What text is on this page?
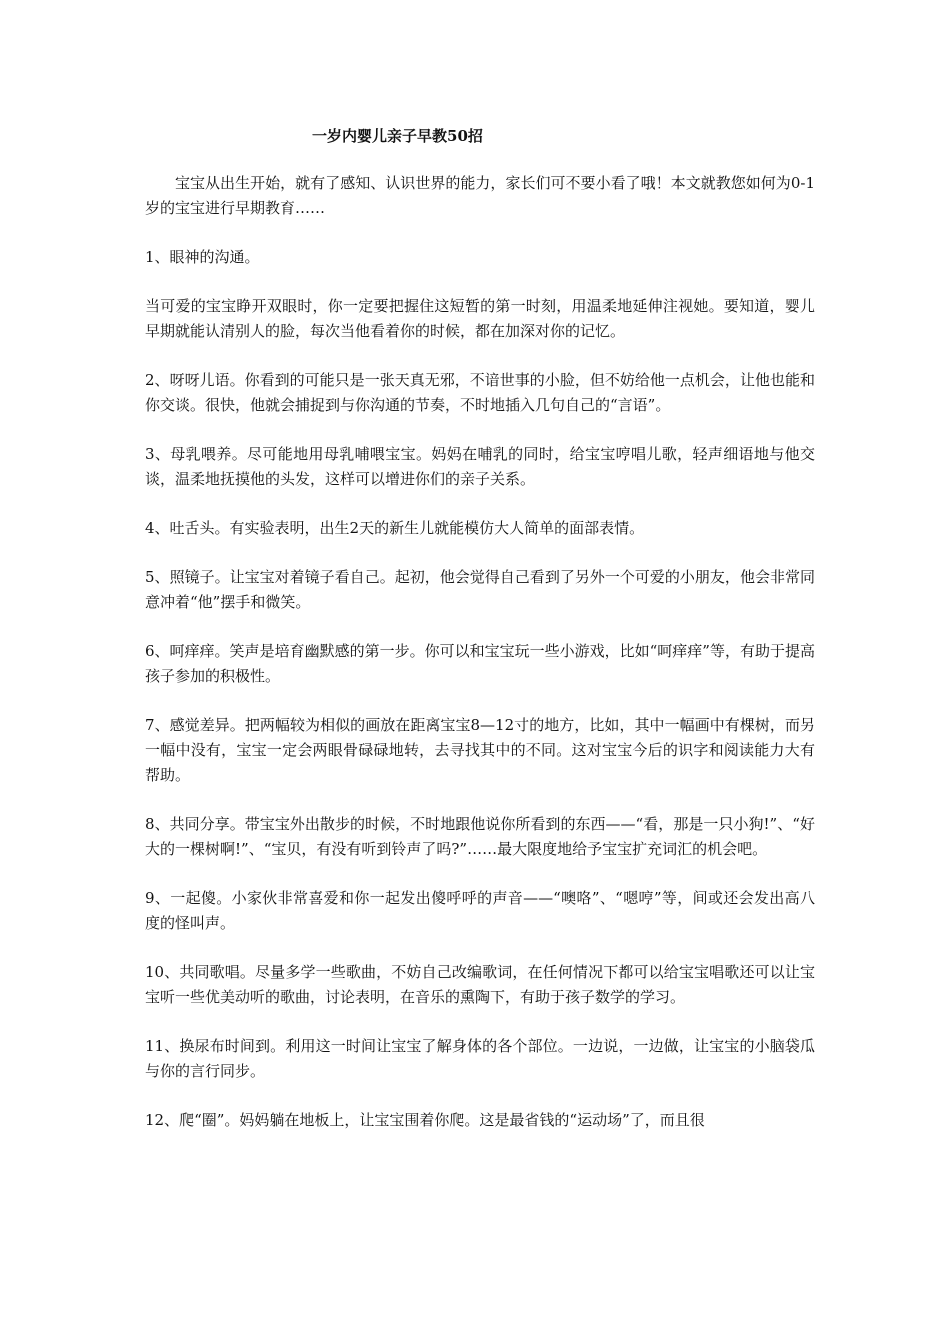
一岁内婴儿亲子早教50招

宝宝从出生开始，就有了感知、认识世界的能力，家长们可不要小看了哦！本文就教您如何为0-1岁的宝宝进行早期教育……

1、眼神的沟通。

当可爱的宝宝睁开双眼时，你一定要把握住这短暂的第一时刻，用温柔地延伸注视她。要知道，婴儿早期就能认清别人的脸，每次当他看着你的时候，都在加深对你的记忆。

2、呀呀儿语。你看到的可能只是一张天真无邪，不谙世事的小脸，但不妨给他一点机会，让他也能和你交谈。很快，他就会捕捉到与你沟通的节奏，不时地插入几句自己的“言语”。

3、母乳喂养。尽可能地用母乳哺喂宝宝。妈妈在哺乳的同时，给宝宝哼唱儿歌，轻声细语地与他交谈，温柔地抚摸他的头发，这样可以增进你们的亲子关系。

4、吐舌头。有实验表明，出生2天的新生儿就能模仿大人简单的面部表情。

5、照镜子。让宝宝对着镜子看自己。起初，他会觉得自己看到了另外一个可爱的小朋友，他会非常同意冲着“他”摆手和微笑。

6、呵痒痒。笑声是培育幽默感的第一步。你可以和宝宝玩一些小游戏，比如“呵痒痒”等，有助于提高孩子参加的积极性。

7、感觉差异。把两幅较为相似的画放在距离宝宝8—12寸的地方，比如，其中一幅画中有棵树，而另一幅中没有，宝宝一定会两眼骨碌碌地转，去寻找其中的不同。这对宝宝今后的识字和阅读能力大有帮助。

8、共同分享。带宝宝外出散步的时候，不时地跟他说你所看到的东西——“看，那是一只小狗!”、“好大的一棵树啊!”、“宝贝，有没有听到铃声了吗?”……最大限度地给予宝宝扩充词汇的机会吧。

9、一起傻。小家伙非常喜爱和你一起发出傻呼呼的声音——“噢咯”、“嗯哼”等，间或还会发出高八度的怪叫声。

10、共同歌唱。尽量多学一些歌曲，不妨自己改编歌词，在任何情况下都可以给宝宝唱歌还可以让宝宝听一些优美动听的歌曲，讨论表明，在音乐的熏陶下，有助于孩子数学的学习。

11、换尿布时间到。利用这一时间让宝宝了解身体的各个部位。一边说，一边做，让宝宝的小脑袋瓜与你的言行同步。

12、爬“圈”。妈妈躺在地板上，让宝宝围着你爬。这是最省钱的“运动场”了，而且很
